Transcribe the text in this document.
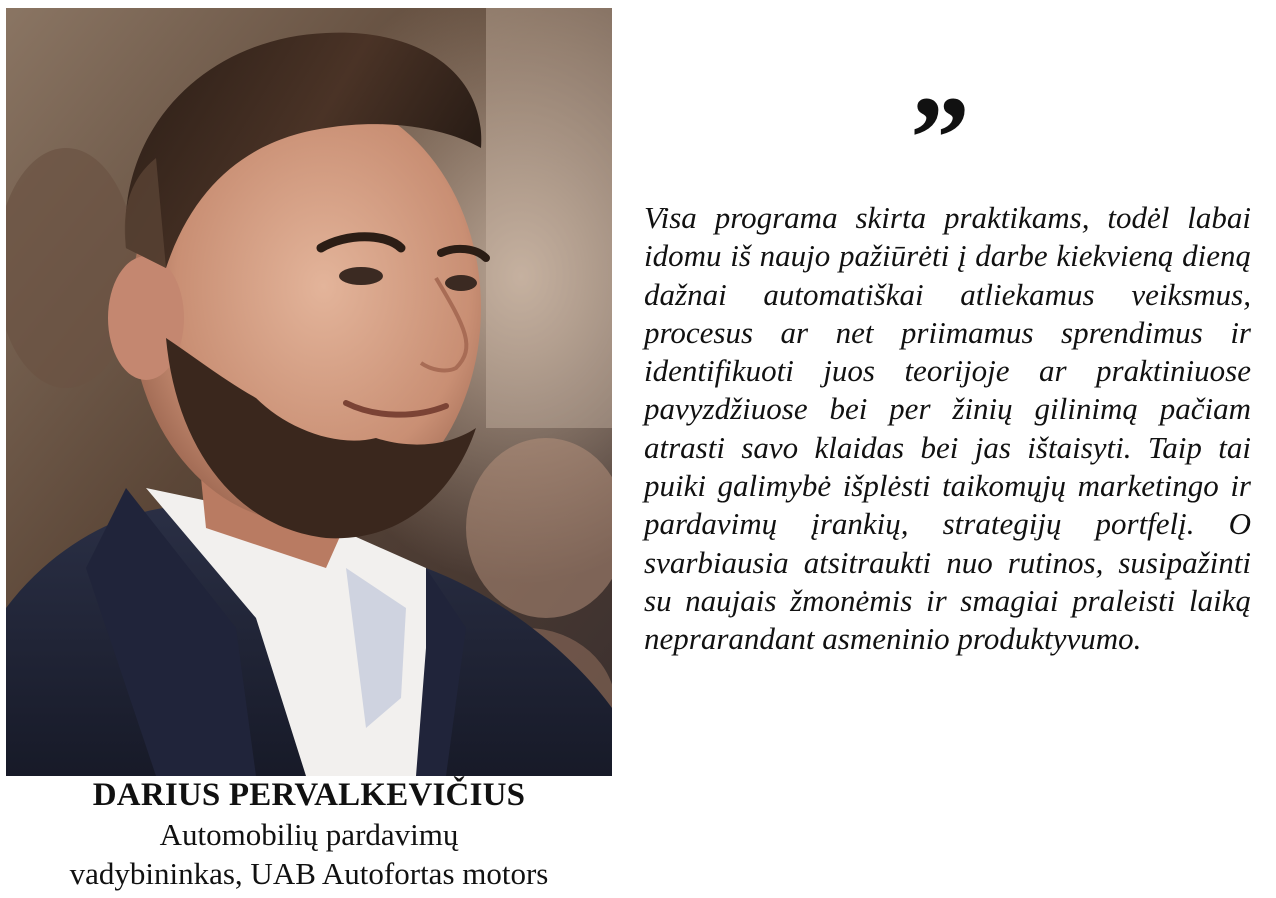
DARIUS PERVALKEVIČIUS
Automobilių pardavimų
vadybininkas, UAB Autofortas motors
”

Visa programa skirta praktikams, todėl labai idomu iš naujo pažiūrėti į darbe kiekvieną dieną dažnai automatiškai atliekamus veiksmus, procesus ar net priimamus sprendimus ir identifikuoti juos teorijoje ar praktiniuose pavyzdžiuose bei per žinių gilinimą pačiam atrasti savo klaidas bei jas ištaisyti. Taip tai puiki galimybė išplėsti taikomųjų marketingo ir pardavimų įrankių, strategijų portfelį. O svarbiausia atsitraukti nuo rutinos, susipažinti su naujais žmonėmis ir smagiai praleisti laiką neprarandant asmeninio produktyvumo.
